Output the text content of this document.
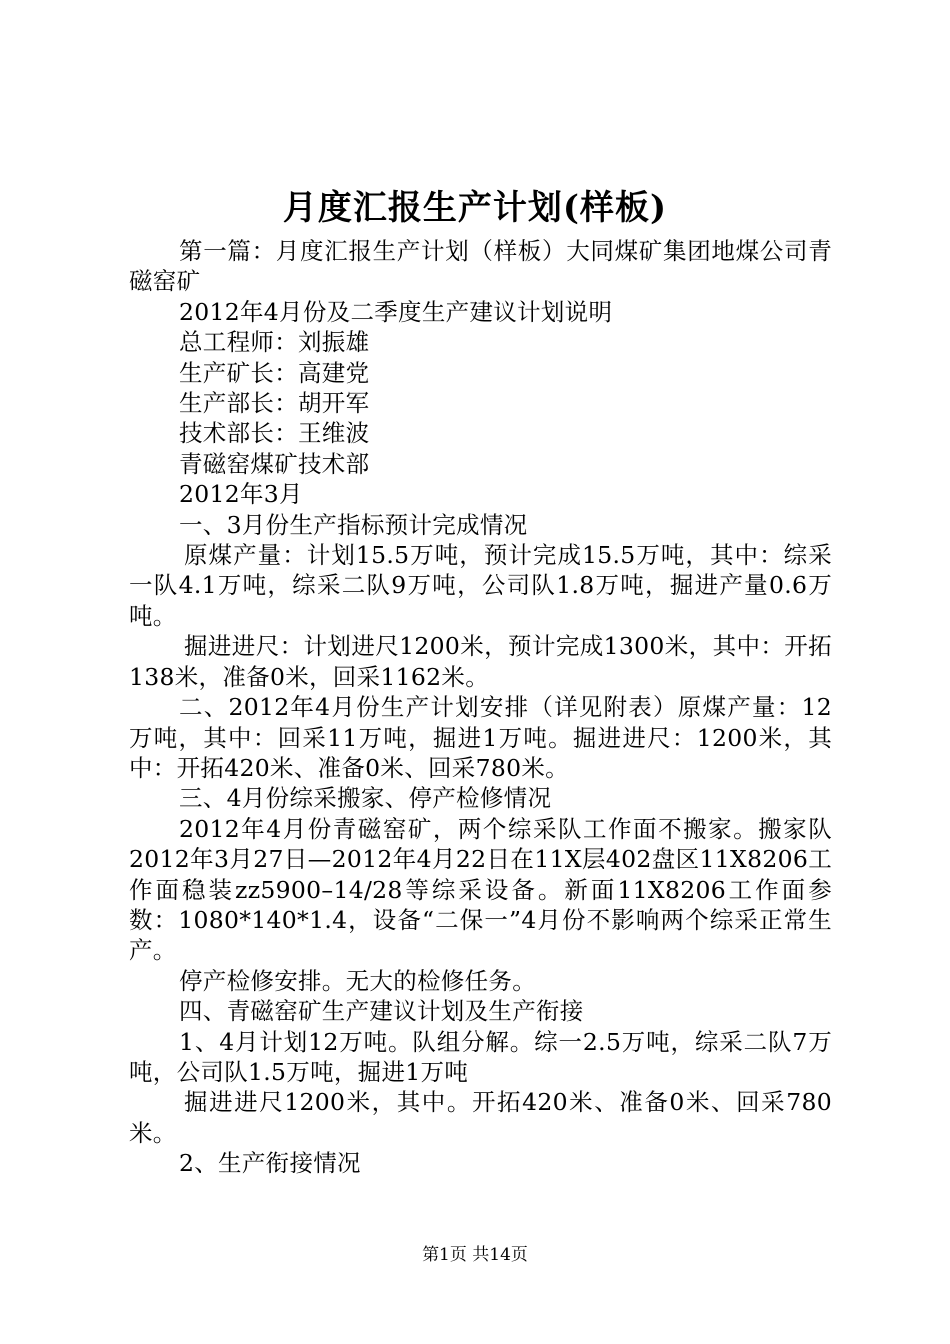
月度汇报生产计划(样板)

第一篇：月度汇报生产计划（样板）大同煤矿集团地煤公司青磁窑矿

2012年4月份及二季度生产建议计划说明

总工程师：刘振雄

生产矿长：高建党

生产部长：胡开军

技术部长：王维波

青磁窑煤矿技术部

2012年3月

一、3月份生产指标预计完成情况

原煤产量：计划15.5万吨，预计完成15.5万吨，其中：综采一队4.1万吨，综采二队9万吨，公司队1.8万吨，掘进产量0.6万吨。

掘进进尺：计划进尺1200米，预计完成1300米，其中：开拓138米，准备0米，回采1162米。

二、2012年4月份生产计划安排（详见附表）原煤产量：12万吨，其中：回采11万吨，掘进1万吨。掘进进尺：1200米，其中：开拓420米、准备0米、回采780米。

三、4月份综采搬家、停产检修情况

2012年4月份青磁窑矿，两个综采队工作面不搬家。搬家队2012年3月27日—2012年4月22日在11X层402盘区11X8206工作面稳装zz5900–14/28等综采设备。新面11X8206工作面参数：1080*140*1.4，设备“二保一”4月份不影响两个综采正常生产。

停产检修安排。无大的检修任务。

四、青磁窑矿生产建议计划及生产衔接

1、4月计划12万吨。队组分解。综一2.5万吨，综采二队7万吨，公司队1.5万吨，掘进1万吨

掘进进尺1200米，其中。开拓420米、准备0米、回采780米。

2、生产衔接情况

第1页 共14页
